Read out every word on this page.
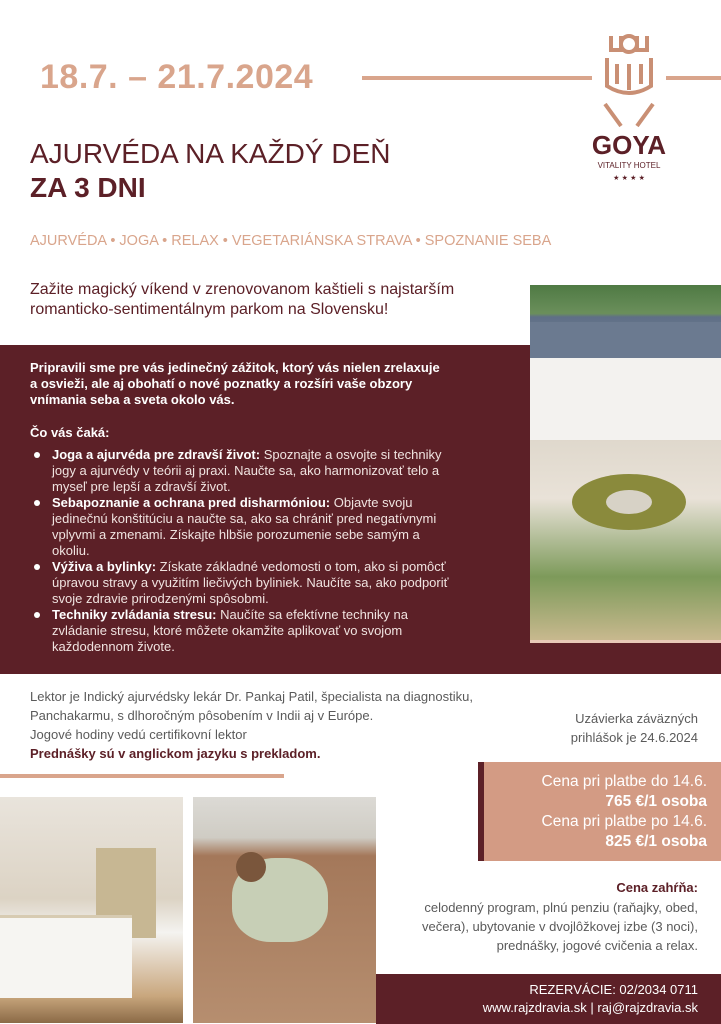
18.7. – 21.7.2024
GOYA
VITALITY HOTEL
★ ★ ★ ★
AJURVÉDA NA KAŽDÝ DEŇ
ZA 3 DNI
AJURVÉDA • JOGA • RELAX • VEGETARIÁNSKA STRAVA • SPOZNANIE SEBA
Zažite magický víkend v zrenovovanom kaštieli s najstarším romanticko-sentimentálnym parkom na Slovensku!
Pripravili sme pre vás jedinečný zážitok, ktorý vás nielen zrelaxuje a osvieži, ale aj obohatí o nové poznatky a rozšíri vaše obzory vnímania seba a sveta okolo vás.
Čo vás čaká:
Joga a ajurvéda pre zdravší život: Spoznajte a osvojte si techniky jogy a ajurvédy v teórii aj praxi. Naučte sa, ako harmonizovať telo a myseľ pre lepší a zdravší život.
Sebapoznanie a ochrana pred disharmóniou: Objavte svoju jedinečnú konštitúciu a naučte sa, ako sa chrániť pred negatívnymi vplyvmi a zmenami. Získajte hlbšie porozumenie sebe samým a okoliu.
Výživa a bylinky: Získate základné vedomosti o tom, ako si pomôcť úpravou stravy a využitím liečivých byliniek. Naučíte sa, ako podporiť svoje zdravie prirodzenými spôsobmi.
Techniky zvládania stresu: Naučíte sa efektívne techniky na zvládanie stresu, ktoré môžete okamžite aplikovať vo svojom každodennom živote.
Lektor je Indický ajurvédsky lekár Dr. Pankaj Patil, špecialista na diagnostiku,
Panchakarmu, s dlhoročným pôsobením v Indii aj v Európe.
Jogové hodiny vedú certifikovní lektor
Prednášky sú v anglickom jazyku s prekladom.
Uzávierka záväzných
prihlášok je 24.6.2024
Cena pri platbe do 14.6.
765 €/1 osoba
Cena pri platbe po 14.6.
825 €/1 osoba
Cena zahŕňa:
celodenný program, plnú penziu (raňajky, obed,
večera), ubytovanie v dvojlôžkovej izbe (3 noci),
prednášky, jogové cvičenia a relax.
REZERVÁCIE: 02/2034 0711
www.rajzdravia.sk | raj@rajzdravia.sk
